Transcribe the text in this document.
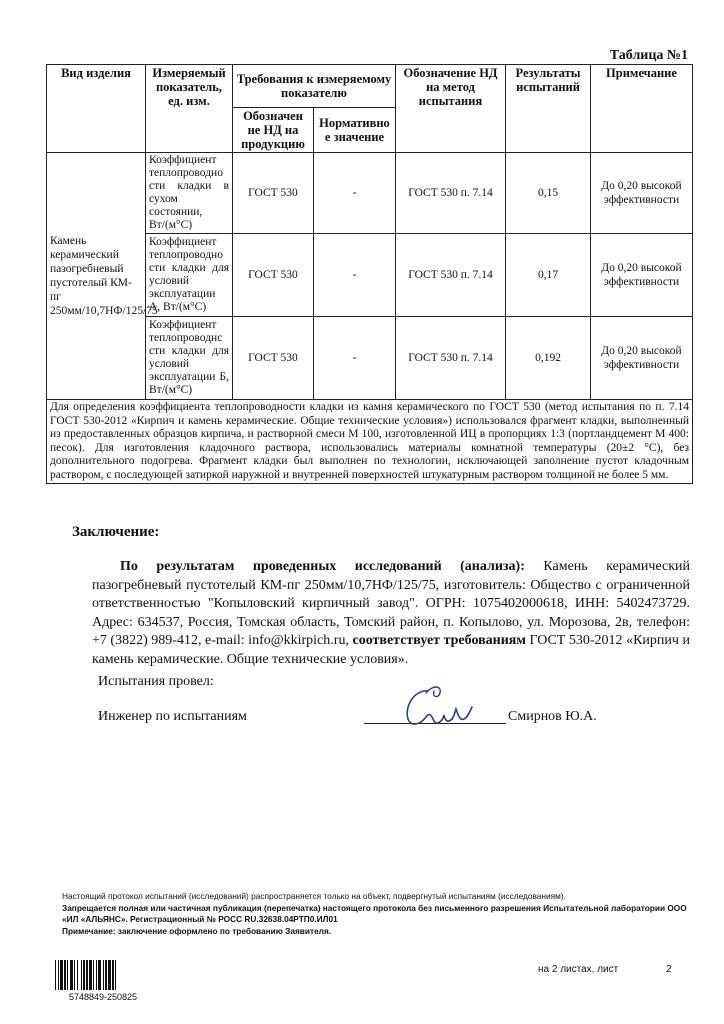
Таблица №1
Вид изделия	Измеряемый показатель, ед. изм.	Требования к измеряемому показателю		Обозначение НД на метод испытания	Результаты испытаний	Примечание
		Обозначен не НД на продукцию	Нормативно е значение			
Камень керамический пазогребневый пустотелый КМ-пг 250мм/10,7НФ/125/75	Коэффициент теплопроводно сти кладки в сухом состоянии, Вт/(м°С)	ГОСТ 530	-	ГОСТ 530 п. 7.14	0,15	До 0,20 высокой эффективности
	Коэффициент теплопроводно сти кладки для условий эксплуатации А, Вт/(м°С)	ГОСТ 530	-	ГОСТ 530 п. 7.14	0,17	До 0,20 высокой эффективности
	Коэффициент теплопроводнс сти кладки для условий эксплуатации Б, Вт/(м°С)	ГОСТ 530	-	ГОСТ 530 п. 7.14	0,192	До 0,20 высокой эффективности
Для определения коэффициента теплопроводности кладки из камня керамического по ГОСТ 530 (метод испытания по п. 7.14 ГОСТ 530-2012 «Кирпич и камень керамические. Общие технические условия») использовался фрагмент кладки, выполненный из предоставленных образцов кирпича, и растворной смеси М 100, изготовленной ИЦ в пропорциях 1:3 (портландцемент М 400: песок). Для изготовления кладочного раствора, использовались материалы комнатной температуры (20±2 °С), без дополнительного подогрева. Фрагмент кладки был выполнен по технологии, исключающей заполнение пустот кладочным раствором, с последующей затиркой наружной и внутренней поверхностей штукатурным раствором толщиной не более 5 мм.						
Заключение:
По результатам проведенных исследований (анализа): Камень керамический пазогребневый пустотелый КМ-пг 250мм/10,7НФ/125/75, изготовитель: Общество с ограниченной ответственностью "Копыловский кирпичный завод". ОГРН: 1075402000618, ИНН: 5402473729. Адрес: 634537, Россия, Томская область, Томский район, п. Копылово, ул. Морозова, 2в, телефон: +7 (3822) 989-412, e-mail: info@kkirpich.ru, соответствует требованиям ГОСТ 530-2012 «Кирпич и камень керамические. Общие технические условия».
Испытания провел:
Инженер по испытаниям	Смирнов Ю.А.
Настоящий протокол испытаний (исследований) распространяется только на объект, подвергнутый испытаниям (исследованиям).
Запрещается полная или частичная публикация (перепечатка) настоящего протокола без письменного разрешения Испытательной лаборатории ООО «ИЛ «АЛЬЯНС». Регистрационный № РОСС RU.32638.04РТП0.ИЛ01
Примечание: заключение оформлено по требованию Заявителя.
5748849-250825
на 2 листах, лист	2
